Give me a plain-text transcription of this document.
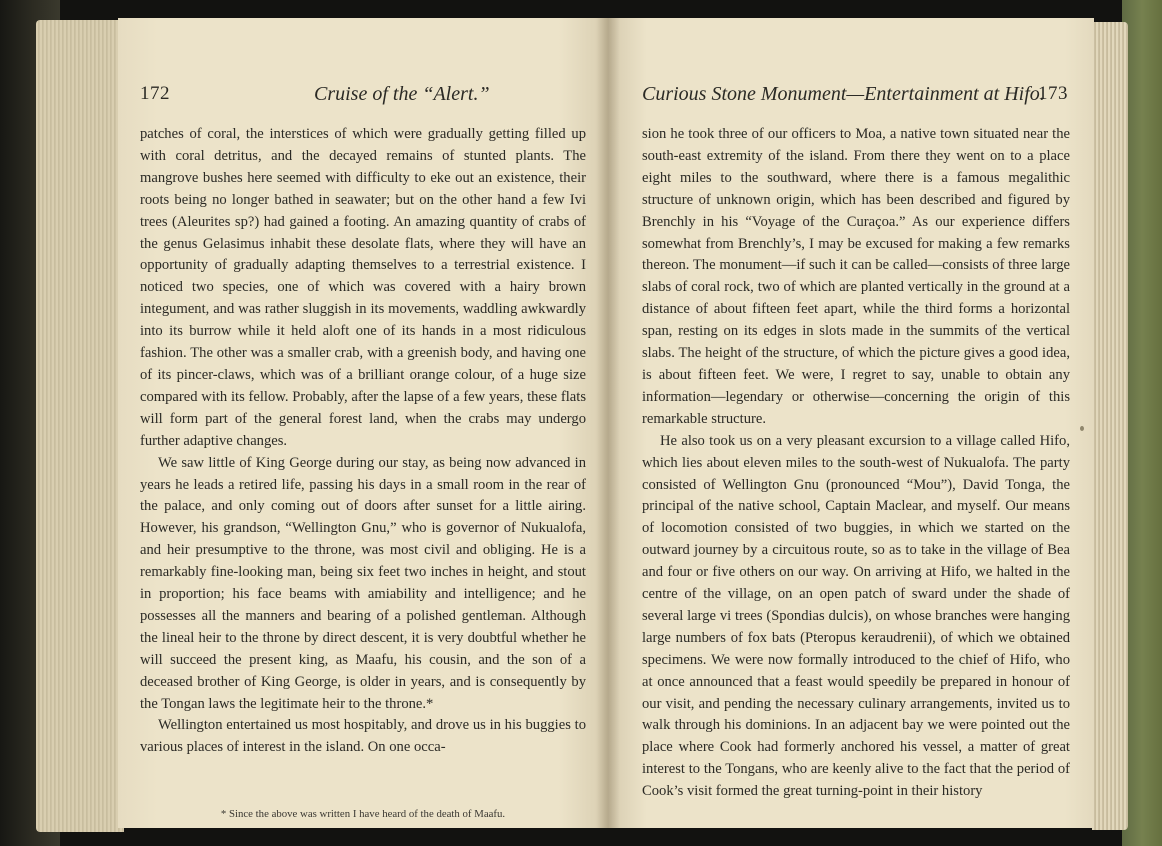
172	Cruise of the “Alert.”

patches of coral, the interstices of which were gradually getting filled up with coral detritus, and the decayed remains of stunted plants. The mangrove bushes here seemed with difficulty to eke out an existence, their roots being no longer bathed in seawater; but on the other hand a few Ivi trees (Aleurites sp?) had gained a footing. An amazing quantity of crabs of the genus Gelasimus inhabit these desolate flats, where they will have an opportunity of gradually adapting themselves to a terrestrial existence. I noticed two species, one of which was covered with a hairy brown integument, and was rather sluggish in its movements, waddling awkwardly into its burrow while it held aloft one of its hands in a most ridiculous fashion. The other was a smaller crab, with a greenish body, and having one of its pincer-claws, which was of a brilliant orange colour, of a huge size compared with its fellow. Probably, after the lapse of a few years, these flats will form part of the general forest land, when the crabs may undergo further adaptive changes.

We saw little of King George during our stay, as being now advanced in years he leads a retired life, passing his days in a small room in the rear of the palace, and only coming out of doors after sunset for a little airing. However, his grandson, “Wellington Gnu,” who is governor of Nukualofa, and heir presumptive to the throne, was most civil and obliging. He is a remarkably fine-looking man, being six feet two inches in height, and stout in proportion; his face beams with amiability and intelligence; and he possesses all the manners and bearing of a polished gentleman. Although the lineal heir to the throne by direct descent, it is very doubtful whether he will succeed the present king, as Maafu, his cousin, and the son of a deceased brother of King George, is older in years, and is consequently by the Tongan laws the legitimate heir to the throne.*

Wellington entertained us most hospitably, and drove us in his buggies to various places of interest in the island. On one occa-

* Since the above was written I have heard of the death of Maafu.
Curious Stone Monument—Entertainment at Hifo.
173

sion he took three of our officers to Moa, a native town situated near the south-east extremity of the island. From there they went on to a place eight miles to the southward, where there is a famous megalithic structure of unknown origin, which has been described and figured by Brenchly in his “Voyage of the Curaçoa.” As our experience differs somewhat from Brenchly’s, I may be excused for making a few remarks thereon. The monument—if such it can be called—consists of three large slabs of coral rock, two of which are planted vertically in the ground at a distance of about fifteen feet apart, while the third forms a horizontal span, resting on its edges in slots made in the summits of the vertical slabs. The height of the structure, of which the picture gives a good idea, is about fifteen feet. We were, I regret to say, unable to obtain any information—legendary or otherwise—concerning the origin of this remarkable structure.

He also took us on a very pleasant excursion to a village called Hifo, which lies about eleven miles to the south-west of Nukualofa. The party consisted of Wellington Gnu (pronounced “Mou”), David Tonga, the principal of the native school, Captain Maclear, and myself. Our means of locomotion consisted of two buggies, in which we started on the outward journey by a circuitous route, so as to take in the village of Bea and four or five others on our way. On arriving at Hifo, we halted in the centre of the village, on an open patch of sward under the shade of several large vi trees (Spondias dulcis), on whose branches were hanging large numbers of fox bats (Pteropus keraudrenii), of which we obtained specimens. We were now formally introduced to the chief of Hifo, who at once announced that a feast would speedily be prepared in honour of our visit, and pending the necessary culinary arrangements, invited us to walk through his dominions. In an adjacent bay we were pointed out the place where Cook had formerly anchored his vessel, a matter of great interest to the Tongans, who are keenly alive to the fact that the period of Cook’s visit formed the great turning-point in their history
